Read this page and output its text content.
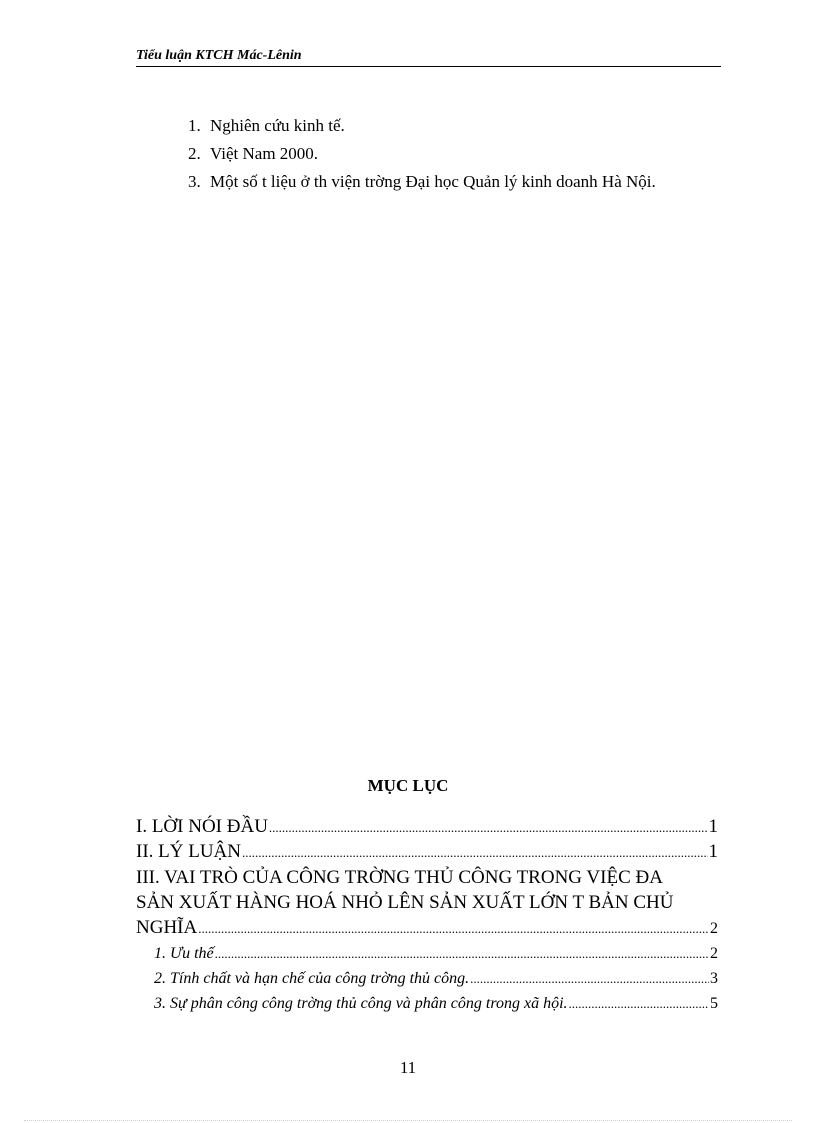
Tiểu luận KTCH Mác-Lênin
1. Nghiên cứu kinh tế.
2. Việt Nam 2000.
3. Một số t liệu ở th viện trờng Đại học Quản lý kinh doanh Hà Nội.
MỤC LỤC
I. LỜI NÓI ĐẦU .....	1
II. LÝ LUẬN .....	1
III. VAI TRÒ CỦA CÔNG TRỜNG THỦ CÔNG TRONG VIỆC ĐA
SẢN XUẤT HÀNG HOÁ NHỎ LÊN SẢN XUẤT LỚN T BẢN CHỦ
NGHĨA .....	2
1. Ưu thế .....	2
2. Tính chất và hạn chế của công trờng thủ công. .....	3
3. Sự phân công công trờng thủ công và phân công trong xã hội. .....	5
11
